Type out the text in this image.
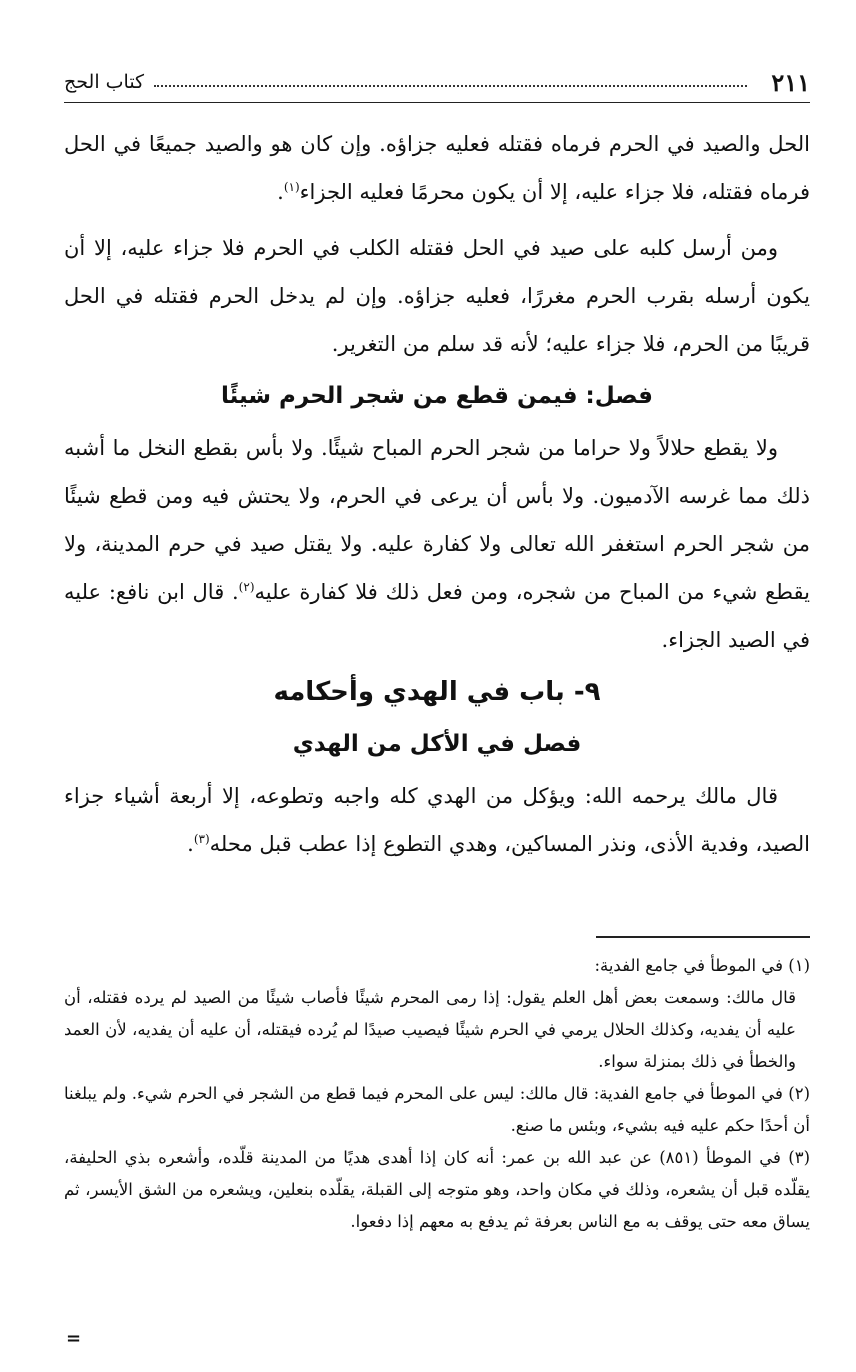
٢١١
كتاب الحج

الحل والصيد في الحرم فرماه فقتله فعليه جزاؤه. وإن كان هو والصيد جميعًا في الحل فرماه فقتله، فلا جزاء عليه، إلا أن يكون محرمًا فعليه الجزاء$^{(١)}$.

ومن أرسل كلبه على صيد في الحل فقتله الكلب في الحرم فلا جزاء عليه، إلا أن يكون أرسله بقرب الحرم مغررًا، فعليه جزاؤه. وإن لم يدخل الحرم فقتله في الحل قريبًا من الحرم، فلا جزاء عليه؛ لأنه قد سلم من التغرير.

فصل: فيمن قطع من شجر الحرم شيئًا

ولا يقطع حلالاً ولا حراما من شجر الحرم المباح شيئًا. ولا بأس بقطع النخل ما أشبه ذلك مما غرسه الآدميون. ولا بأس أن يرعى في الحرم، ولا يحتش فيه ومن قطع شيئًا من شجر الحرم استغفر الله تعالى ولا كفارة عليه. ولا يقتل صيد في حرم المدينة، ولا يقطع شيء من المباح من شجره، ومن فعل ذلك فلا كفارة عليه$^{(٢)}$. قال ابن نافع: عليه في الصيد الجزاء.

٩- باب في الهدي وأحكامه
فصل في الأكل من الهدي

قال مالك يرحمه الله: ويؤكل من الهدي كله واجبه وتطوعه، إلا أربعة أشياء جزاء الصيد، وفدية الأذى، ونذر المساكين، وهدي التطوع إذا عطب قبل محله$^{(٣)}$.

(١) في الموطأ في جامع الفدية:

قال مالك: وسمعت بعض أهل العلم يقول: إذا رمى المحرم شيئًا فأصاب شيئًا من الصيد لم يرده فقتله، أن عليه أن يفديه، وكذلك الحلال يرمي في الحرم شيئًا فيصيب صيدًا لم يُرده فيقتله، أن عليه أن يفديه، لأن العمد والخطأ في ذلك بمنزلة سواء.

(٢) في الموطأ في جامع الفدية: قال مالك: ليس على المحرم فيما قطع من الشجر في الحرم شيء. ولم يبلغنا أن أحدًا حكم عليه فيه بشيء، وبئس ما صنع.

(٣) في الموطأ (٨٥١) عن عبد الله بن عمر: أنه كان إذا أهدى هديًا من المدينة قلّده، وأشعره بذي الحليفة، يقلّده قبل أن يشعره، وذلك في مكان واحد، وهو متوجه إلى القبلة، يقلّده بنعلين، ويشعره من الشق الأيسر، ثم يساق معه حتى يوقف به مع الناس بعرفة ثم يدفع به معهم إذا دفعوا.

=
